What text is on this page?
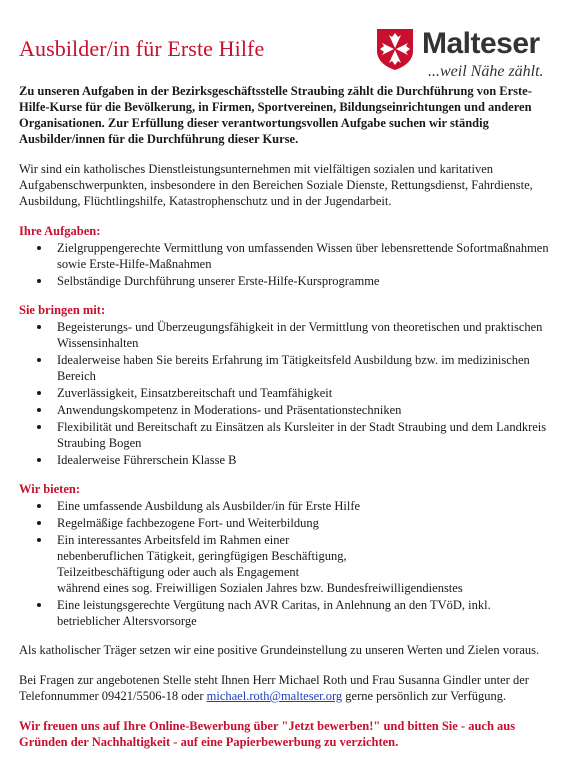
Ausbilder/in für Erste Hilfe	Malteser
...weil Nähe zählt.

Zu unseren Aufgaben in der Bezirksgeschäftsstelle Straubing zählt die Durchführung von Erste-Hilfe-Kurse für die Bevölkerung, in Firmen, Sportvereinen, Bildungseinrichtungen und anderen Organisationen. Zur Erfüllung dieser verantwortungsvollen Aufgabe suchen wir ständig Ausbilder/innen für die Durchführung dieser Kurse.

Wir sind ein katholisches Dienstleistungsunternehmen mit vielfältigen sozialen und karitativen Aufgabenschwerpunkten, insbesondere in den Bereichen Soziale Dienste, Rettungsdienst, Fahrdienste, Ausbildung, Flüchtlingshilfe, Katastrophenschutz und in der Jugendarbeit.

Ihre Aufgaben:

Zielgruppengerechte Vermittlung von umfassenden Wissen über lebensrettende Sofortmaßnahmen sowie Erste-Hilfe-Maßnahmen
Selbständige Durchführung unserer Erste-Hilfe-Kursprogramme

Sie bringen mit:

Begeisterungs- und Überzeugungsfähigkeit in der Vermittlung von theoretischen und praktischen Wissensinhalten
Idealerweise haben Sie bereits Erfahrung im Tätigkeitsfeld Ausbildung bzw. im medizinischen Bereich
Zuverlässigkeit, Einsatzbereitschaft und Teamfähigkeit
Anwendungskompetenz in Moderations- und Präsentationstechniken
Flexibilität und Bereitschaft zu Einsätzen als Kursleiter in der Stadt Straubing und dem Landkreis Straubing Bogen
Idealerweise Führerschein Klasse B

Wir bieten:

Eine umfassende Ausbildung als Ausbilder/in für Erste Hilfe
Regelmäßige fachbezogene Fort- und Weiterbildung
Ein interessantes Arbeitsfeld im Rahmen einer
nebenberuflichen Tätigkeit, geringfügigen Beschäftigung,
Teilzeitbeschäftigung oder auch als Engagement
während eines sog. Freiwilligen Sozialen Jahres bzw. Bundesfreiwilligendienstes
Eine leistungsgerechte Vergütung nach AVR Caritas, in Anlehnung an den TVöD, inkl. betrieblicher Altersvorsorge

Als katholischer Träger setzen wir eine positive Grundeinstellung zu unseren Werten und Zielen voraus.

Bei Fragen zur angebotenen Stelle steht Ihnen Herr Michael Roth und Frau Susanna Gindler unter der Telefonnummer 09421/5506-18 oder michael.roth@malteser.org gerne persönlich zur Verfügung.

Wir freuen uns auf Ihre Online-Bewerbung über "Jetzt bewerben!" und bitten Sie - auch aus Gründen der Nachhaltigkeit - auf eine Papierbewerbung zu verzichten.
